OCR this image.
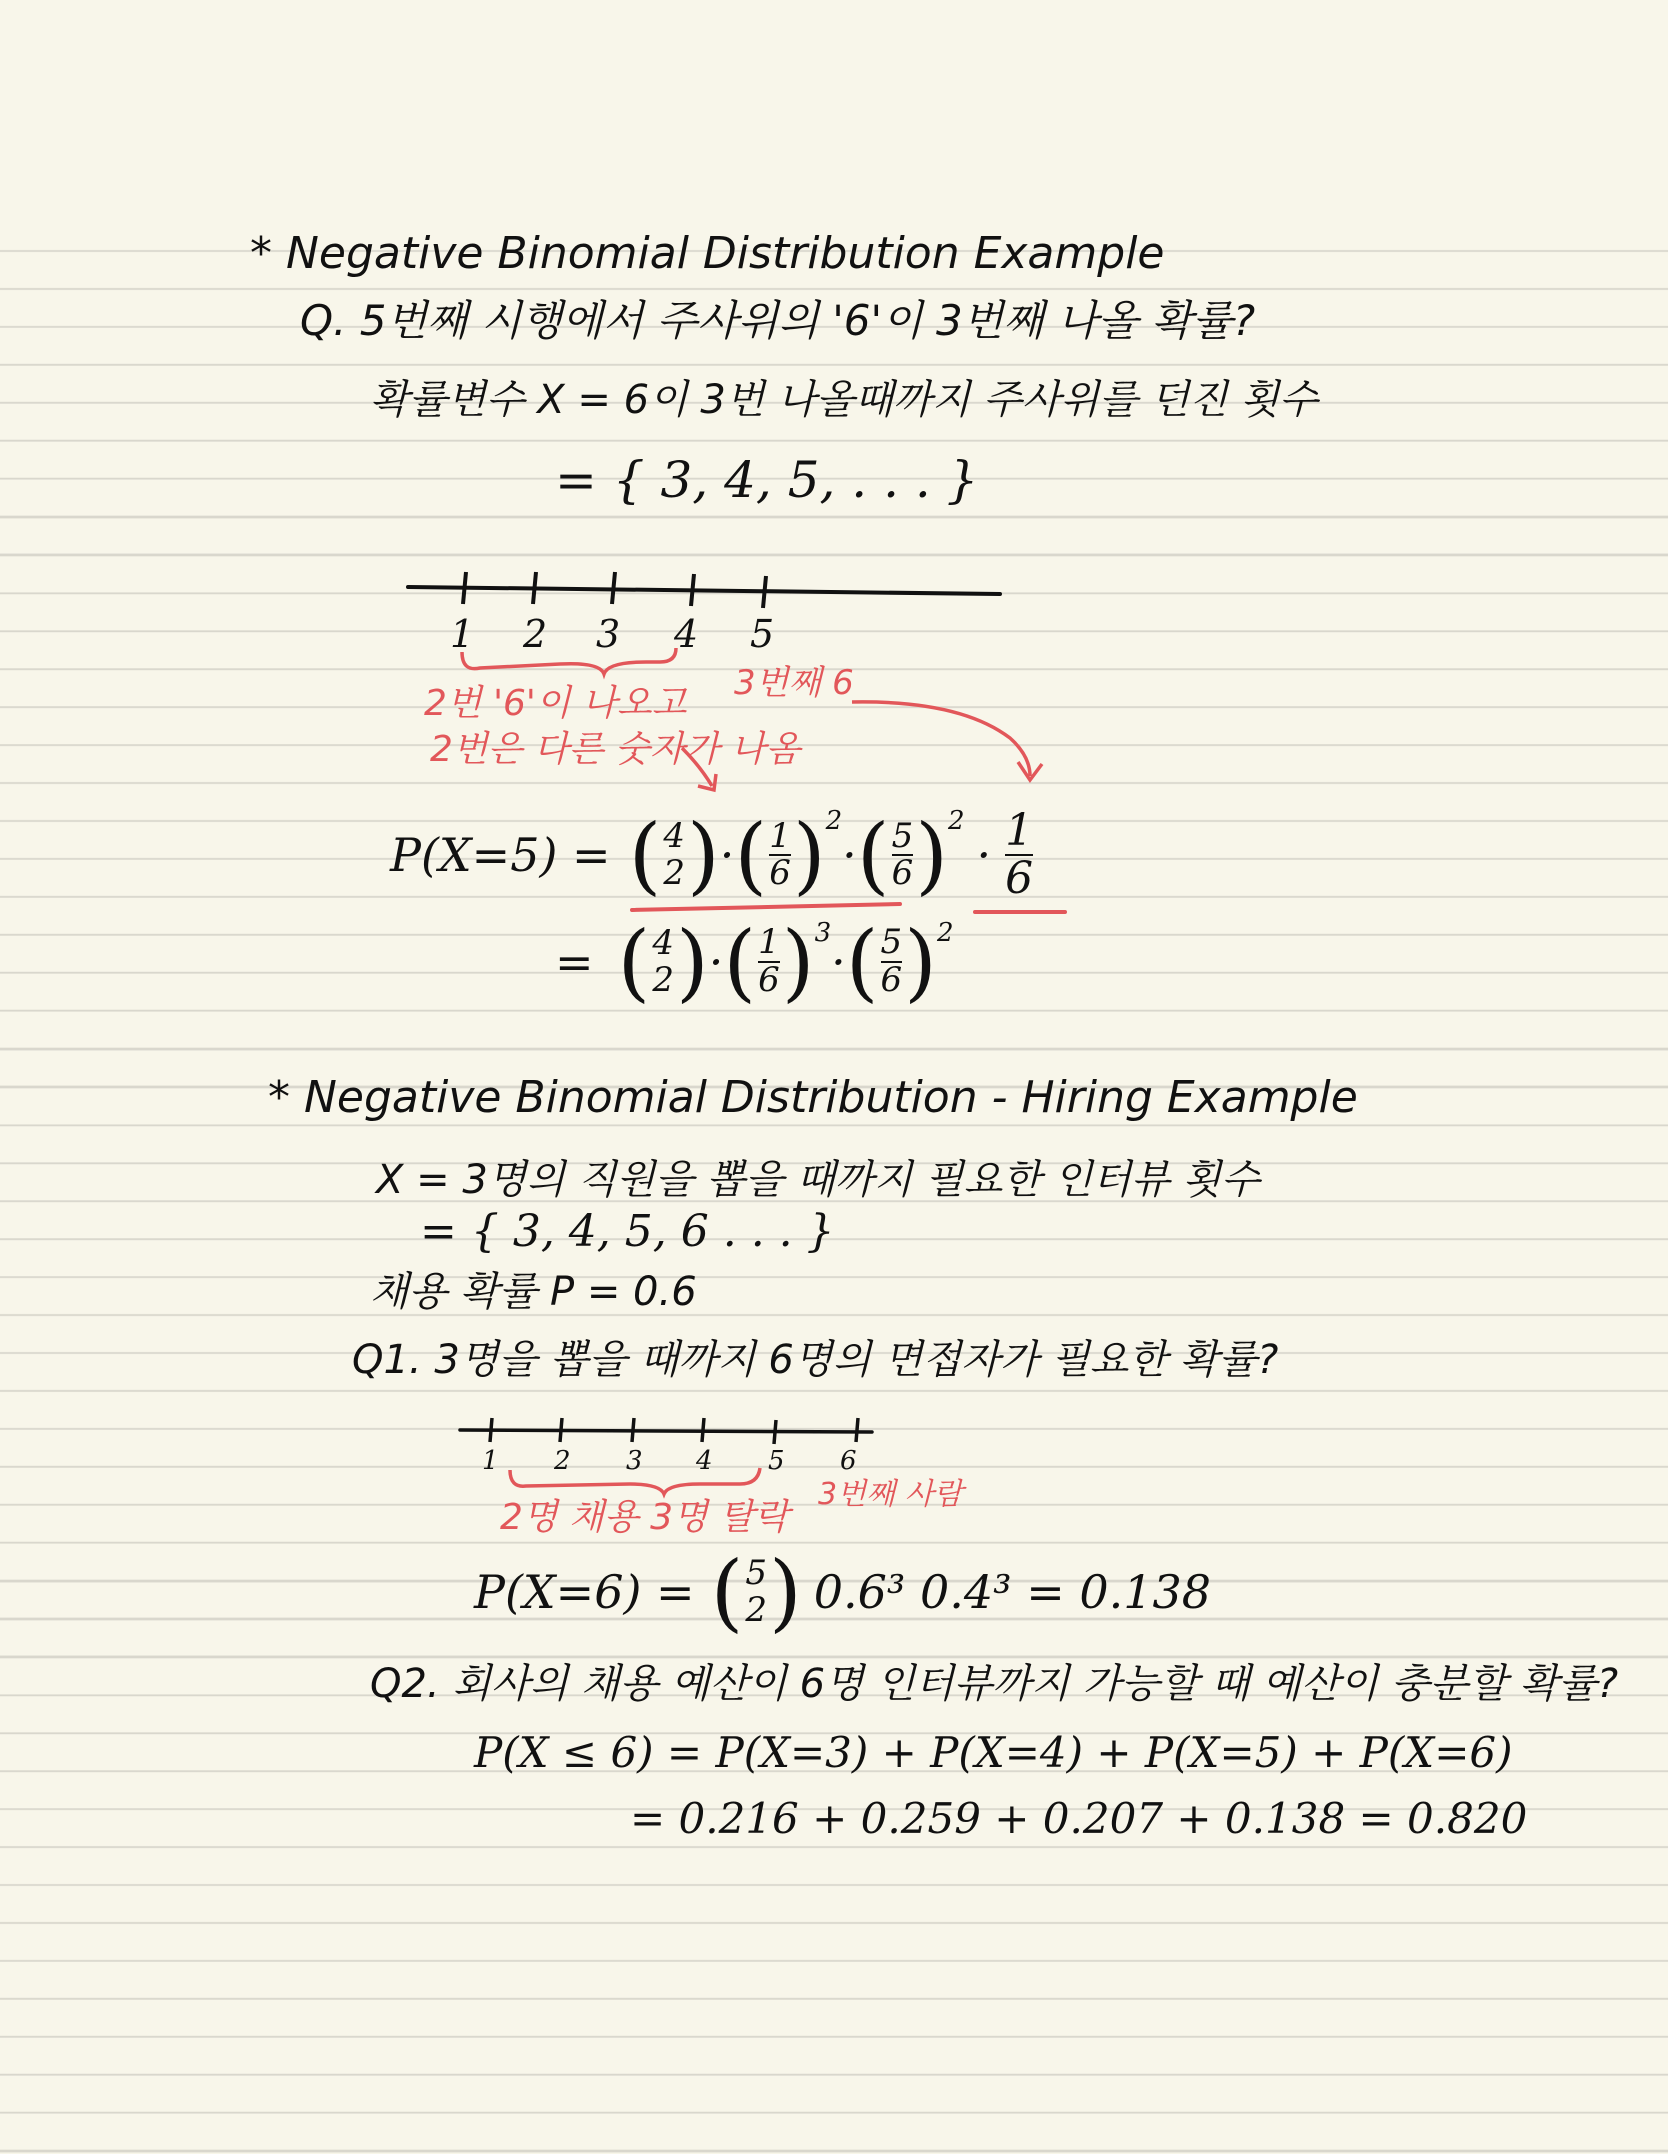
* Negative Binomial Distribution Example
Q. 5번째 시행에서 주사위의 '6'이 3번째 나올 확률?
확률변수 X = 6이 3번 나올때까지 주사위를 던진 횟수
= { 3, 4, 5, . . . }
1 2 3 4 5
2번 '6'이 나오고
2번은 다른 숫자가 나옴
3번째 6
P(X=5) = ( 4
2 ) · ( $\frac{1}{6} )^2$
· ( $\frac{5}{6} )^2$
· $\frac{1}{6}$
= ( 4
2 ) · ( $\frac{1}{6} )^3$
· ( $\frac{5}{6} )^2$
* Negative Binomial Distribution - Hiring Example
X = 3명의 직원을 뽑을 때까지 필요한 인터뷰 횟수
= { 3, 4, 5, 6 . . . }
채용 확률 P = 0.6
Q1. 3명을 뽑을 때까지 6명의 면접자가 필요한 확률?
1 2 3 4 5 6
2명 채용 3명 탈락
3번째 사람
P(X=6) = ( 5
2 ) 0.6³ 0.4³ = 0.138
Q2. 회사의 채용 예산이 6명 인터뷰까지 가능할 때 예산이 충분할 확률?
P(X ≤ 6) = P(X=3) + P(X=4) + P(X=5) + P(X=6)
= 0.216 + 0.259 + 0.207 + 0.138 = 0.820
